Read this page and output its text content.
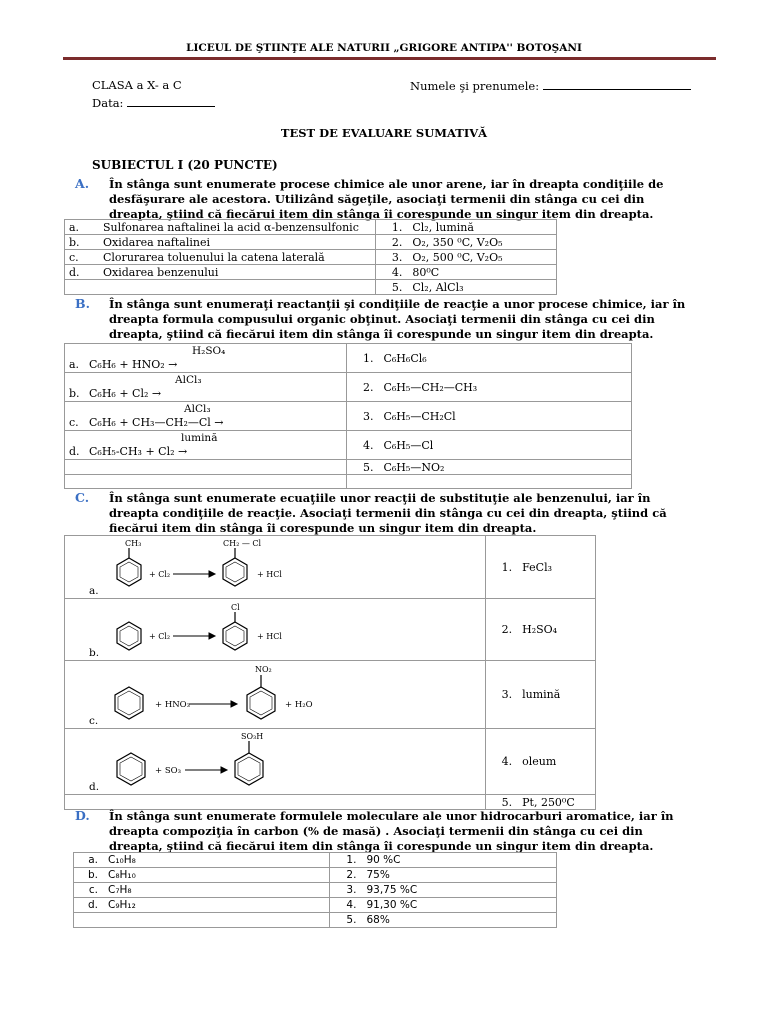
LICEUL DE ŞTIINŢE ALE NATURII „GRIGORE ANTIPA'' BOTOŞANI
CLASA a X- a C	Numele şi prenumele:
Data:
TEST DE EVALUARE SUMATIVĂ
SUBIECTUL I (20 PUNCTE)
A. În stânga sunt enumerate procese chimice ale unor arene, iar în dreapta condiţiile de desfăşurare ale acestora. Utilizând săgeţile, asociaţi termenii din stânga cu cei din dreapta, ştiind că fiecărui item din stânga îi corespunde un singur item din dreapta.
a. Sulfonarea naftalinei la acid α-benzensulfonic	1. Cl₂, lumină
b. Oxidarea naftalinei	2. O₂, 350 ⁰C, V₂O₅
c. Clorurarea toluenului la catena laterală	3. O₂, 500 ⁰C, V₂O₅
d. Oxidarea benzenului	4. 80⁰C
	5. Cl₂, AlCl₃
B. În stânga sunt enumeraţi reactanţii şi condiţiile de reacţie a unor procese chimice, iar în dreapta formula compusului organic obţinut. Asociaţi termenii din stânga cu cei din dreapta, ştiind că fiecărui item din stânga îi corespunde un singur item din dreapta.
H₂SO₄
a. C₆H₆ + HNO₂ →	1. C₆H₆Cl₆

AlCl₃
b. C₆H₆ + Cl₂ →	2. C₆H₅—CH₂—CH₃

AlCl₃
c. C₆H₆ + CH₃—CH₂—Cl →	3. C₆H₅—CH₂Cl

lumină
d. C₆H₅-CH₃ + Cl₂ →	4. C₆H₅—Cl
	5. C₆H₅—NO₂

C. În stânga sunt enumerate ecuaţiile unor reacţii de substituţie ale benzenului, iar în dreapta condiţiile de reacţie. Asociaţi termenii din stânga cu cei din dreapta, ştiind că fiecărui item din stânga îi corespunde un singur item din dreapta.
a.
CH₃
+ Cl₂
CH₂ — Cl
+ HCl	1. FeCl₃

b.
+ Cl₂
Cl
+ HCl	2. H₂SO₄

c.
+ HNO₃
NO₂
+ H₂O	3. lumină

d.
+ SO₃
SO₃H	4. oleum
	5. Pt, 250⁰C
D. În stânga sunt enumerate formulele moleculare ale unor hidrocarburi aromatice, iar în dreapta compoziţia în carbon (% de masă) . Asociaţi termenii din stânga cu cei din dreapta, ştiind că fiecărui item din stânga îi corespunde un singur item din dreapta.
a. C₁₀H₈	1. 90 %C
b. C₈H₁₀	2. 75%
c. C₇H₈	3. 93,75 %C
d. C₉H₁₂	4. 91,30 %C
	5. 68%
